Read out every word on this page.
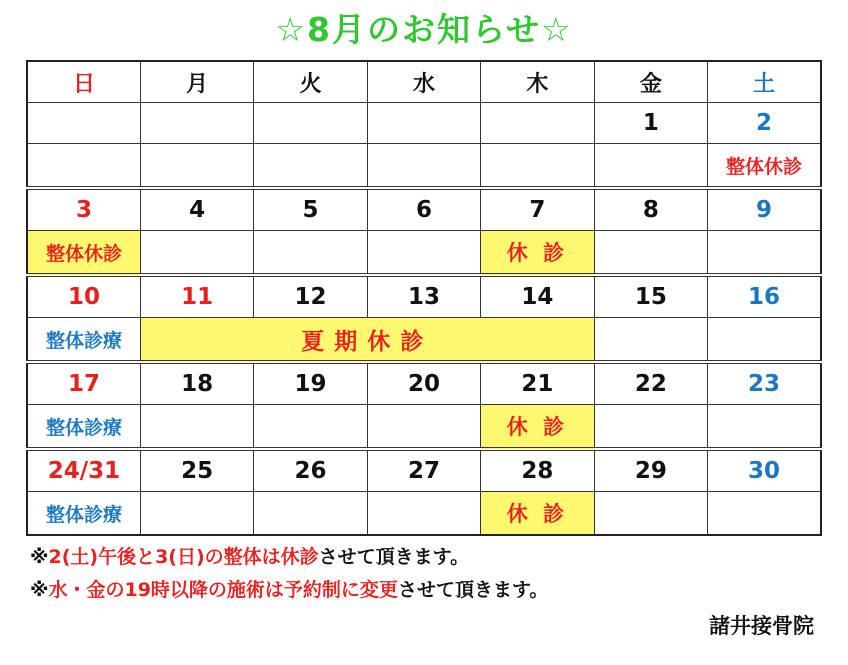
☆8月のお知らせ☆
日	月	火	水	木	金	土
					1	2
						整体休診
3	4	5	6	7	8	9
整体休診				休 診		
10	11	12	13	14	15	16
整体診療	夏期休診					
17	18	19	20	21	22	23
整体診療				休 診		
24/31	25	26	27	28	29	30
整体診療				休 診		
※2(土)午後と3(日)の整体は休診させて頂きます。
※水・金の19時以降の施術は予約制に変更させて頂きます。
諸井接骨院
